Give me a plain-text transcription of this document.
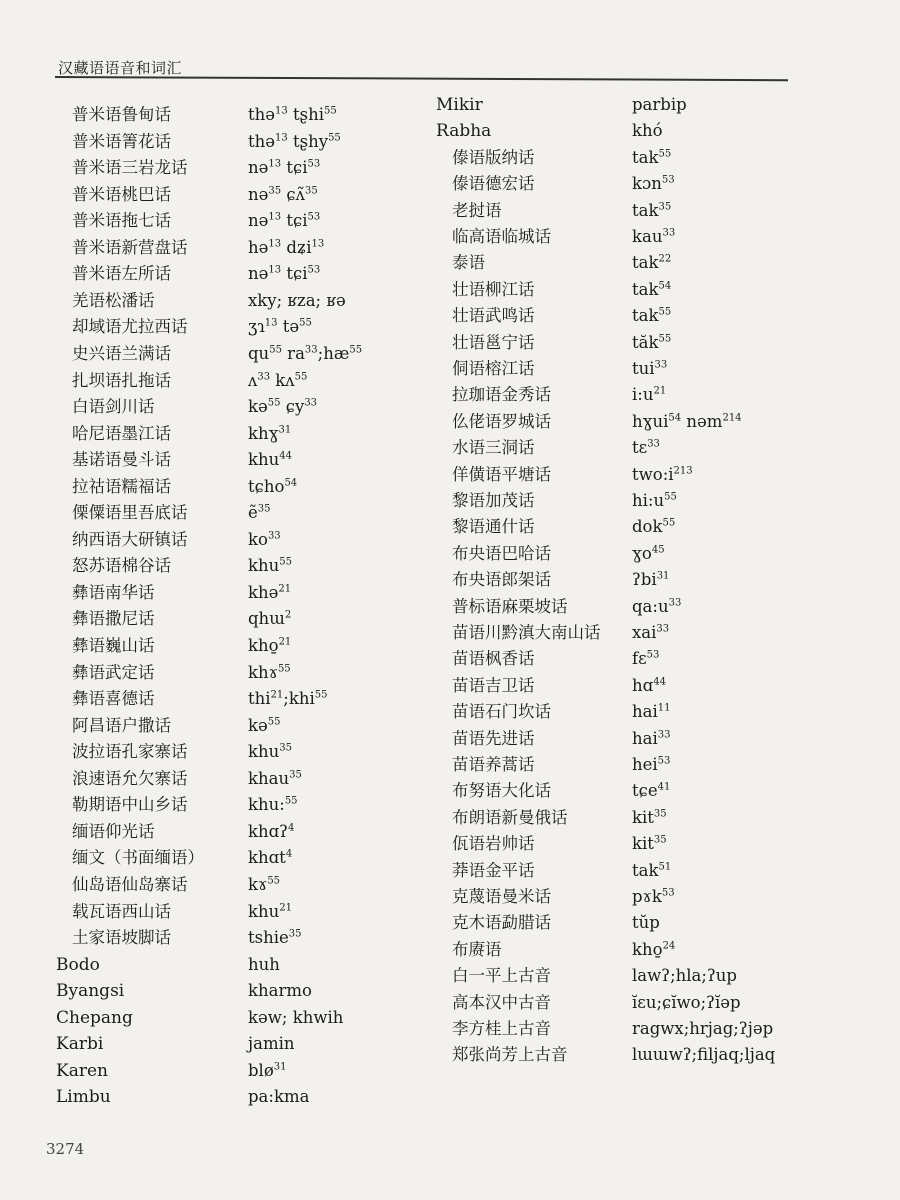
汉藏语语音和词汇
普米语鲁甸话	thə$^{13}$ tʂhi$^{55}$
普米语箐花话	thə$^{13}$ tʂhy$^{55}$
普米语三岩龙话	nə$^{13}$ tɕi$^{53}$
普米语桃巴话	nə$^{35}$ ɕʌ̃$^{35}$
普米语拖七话	nə$^{13}$ tɕi$^{53}$
普米语新营盘话	hə$^{13}$ dʑi$^{13}$
普米语左所话	nə$^{13}$ tɕi$^{53}$
羌语松潘话	xky; ʁza; ʁə
却域语尤拉西话	ʒɿ$^{13}$ tə$^{55}$
史兴语兰满话	$qu^{55}$ $ra^{33};hæ^{55}$
扎坝语扎拖话	ʌ$^{33}$ kʌ$^{55}$
白语剑川话	kə$^{55}$ ɕy$^{33}$
哈尼语墨江话	khɣ$^{31}$
基诺语曼斗话	khu$^{44}$
拉祜语糯福话	tɕho$^{54}$
傈僳语里吾底话	ẽ$^{35}$
纳西语大研镇话	$ko^{33}$
怒苏语棉谷话	khu$^{55}$
彝语南华话	khə$^{21}$
彝语撒尼话	qhɯ$^2$
彝语巍山话	kho̱$^{21}$
彝语武定话	khɤ$^{55}$
彝语喜德话	thi$^{21}$;khi$^{55}$
阿昌语户撒话	kə$^{55}$
波拉语孔家寨话	khu$^{35}$
浪速语允欠寨话	khau$^{35}$
勒期语中山乡话	khu:$^{55}$
缅语仰光话	khɑʔ$^4$
缅文（书面缅语）	khɑt$^4$
仙岛语仙岛寨话	kɤ$^{55}$
载瓦语西山话	khu$^{21}$
土家语坡脚话	tshie$^{35}$
Bodo	huh
Byangsi	kharmo
Chepang	kəw; khwih
Karbi	jamin
Karen	blø$^{31}$
Limbu	pa:kma
Mikir	parbip
Rabha	khó
傣语版纳话	tak$^{55}$
傣语德宏话	kɔn$^{53}$
老挝语	tak$^{35}$
临高语临城话	kau$^{33}$
泰语	tak$^{22}$
壮语柳江话	tak$^{54}$
壮语武鸣话	tak$^{55}$
壮语邕宁话	tăk$^{55}$
侗语榕江话	tui$^{33}$
拉珈语金秀话	$i:u^{21}$
仫佬语罗城话	hɣui$^{54}$ nəm$^{214}$
水语三洞话	tɛ$^{33}$
佯僙语平塘话	$two:i^{213}$
黎语加茂话	$hi:u^{55}$
黎语通什话	dok$^{55}$
布央语巴哈话	ɣo$^{45}$
布央语郎架话	ʔbi$^{31}$
普标语麻栗坡话	$qa:u^{33}$
苗语川黔滇大南山话 xai$^{33}$
苗语枫香话	fɛ$^{53}$
苗语吉卫话	hɑ$^{44}$
苗语石门坎话	hai$^{11}$
苗语先进话	hai$^{33}$
苗语养蒿话	hei$^{53}$
布努语大化话	tɕe$^{41}$
布朗语新曼俄话	kit$^{35}$
佤语岩帅话	kit$^{35}$
莽语金平话	tak$^{51}$
克蔑语曼米话	pɤk$^{53}$
克木语勐腊话	tŭp
布赓语	kho̱$^{24}$
白一平上古音	lawʔ;hla;ʔup
高本汉中古音	ĭɛu;ɕĭwo;ʔĭəp
李方桂上古音	ragwx;hrjag;ʔjəp
郑张尚芳上古音	lɯɯwʔ;filjaq;ljaq
3274
